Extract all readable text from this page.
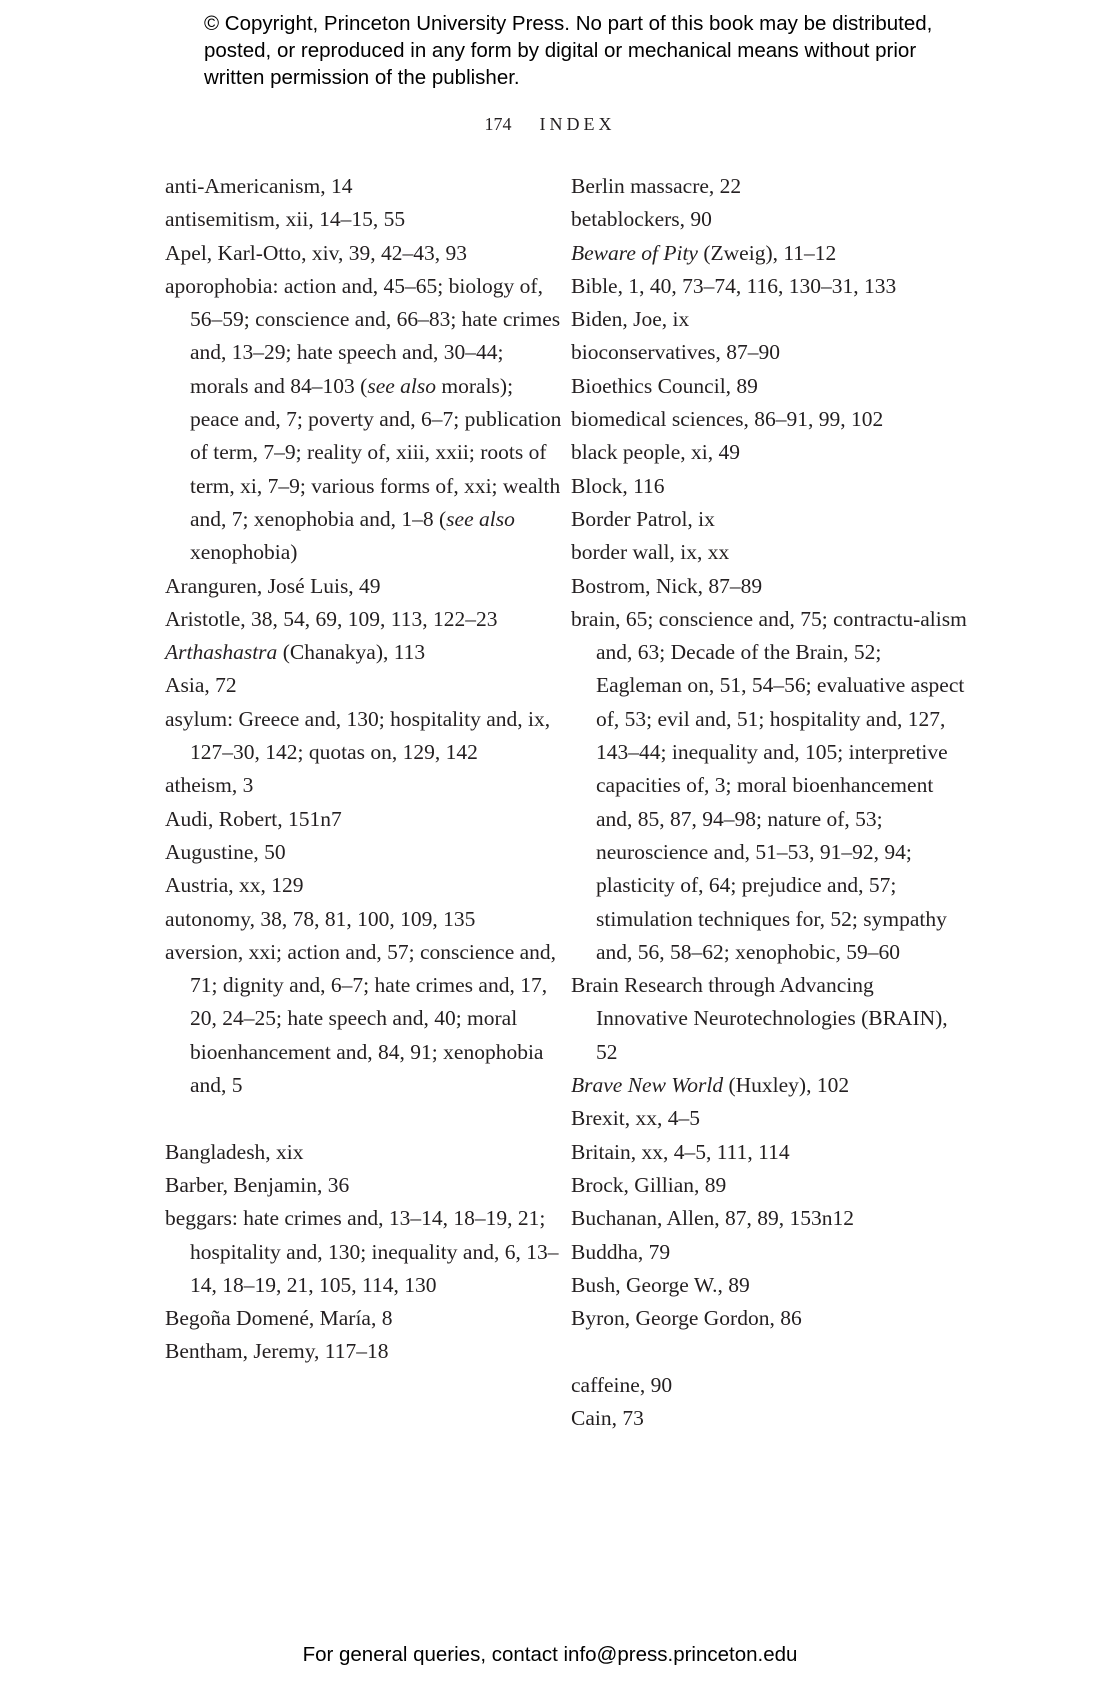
© Copyright, Princeton University Press. No part of this book may be distributed, posted, or reproduced in any form by digital or mechanical means without prior written permission of the publisher.
174 INDEX
anti-Americanism, 14
antisemitism, xii, 14–15, 55
Apel, Karl-Otto, xiv, 39, 42–43, 93
aporophobia: action and, 45–65; biology of, 56–59; conscience and, 66–83; hate crimes and, 13–29; hate speech and, 30–44; morals and 84–103 (see also morals); peace and, 7; poverty and, 6–7; publication of term, 7–9; reality of, xiii, xxii; roots of term, xi, 7–9; various forms of, xxi; wealth and, 7; xenophobia and, 1–8 (see also xenophobia)
Aranguren, José Luis, 49
Aristotle, 38, 54, 69, 109, 113, 122–23
Arthashastra (Chanakya), 113
Asia, 72
asylum: Greece and, 130; hospitality and, ix, 127–30, 142; quotas on, 129, 142
atheism, 3
Audi, Robert, 151n7
Augustine, 50
Austria, xx, 129
autonomy, 38, 78, 81, 100, 109, 135
aversion, xxi; action and, 57; conscience and, 71; dignity and, 6–7; hate crimes and, 17, 20, 24–25; hate speech and, 40; moral bioenhancement and, 84, 91; xenophobia and, 5
Bangladesh, xix
Barber, Benjamin, 36
beggars: hate crimes and, 13–14, 18–19, 21; hospitality and, 130; inequality and, 6, 13–14, 18–19, 21, 105, 114, 130
Begoña Domené, María, 8
Bentham, Jeremy, 117–18
Berlin massacre, 22
betablockers, 90
Beware of Pity (Zweig), 11–12
Bible, 1, 40, 73–74, 116, 130–31, 133
Biden, Joe, ix
bioconservatives, 87–90
Bioethics Council, 89
biomedical sciences, 86–91, 99, 102
black people, xi, 49
Block, 116
Border Patrol, ix
border wall, ix, xx
Bostrom, Nick, 87–89
brain, 65; conscience and, 75; contractu-alism and, 63; Decade of the Brain, 52; Eagleman on, 51, 54–56; evaluative aspect of, 53; evil and, 51; hospitality and, 127, 143–44; inequality and, 105; interpretive capacities of, 3; moral bioenhancement and, 85, 87, 94–98; nature of, 53; neuroscience and, 51–53, 91–92, 94; plasticity of, 64; prejudice and, 57; stimulation techniques for, 52; sympathy and, 56, 58–62; xenophobic, 59–60
Brain Research through Advancing Innovative Neurotechnologies (BRAIN), 52
Brave New World (Huxley), 102
Brexit, xx, 4–5
Britain, xx, 4–5, 111, 114
Brock, Gillian, 89
Buchanan, Allen, 87, 89, 153n12
Buddha, 79
Bush, George W., 89
Byron, George Gordon, 86
caffeine, 90
Cain, 73
For general queries, contact info@press.princeton.edu
